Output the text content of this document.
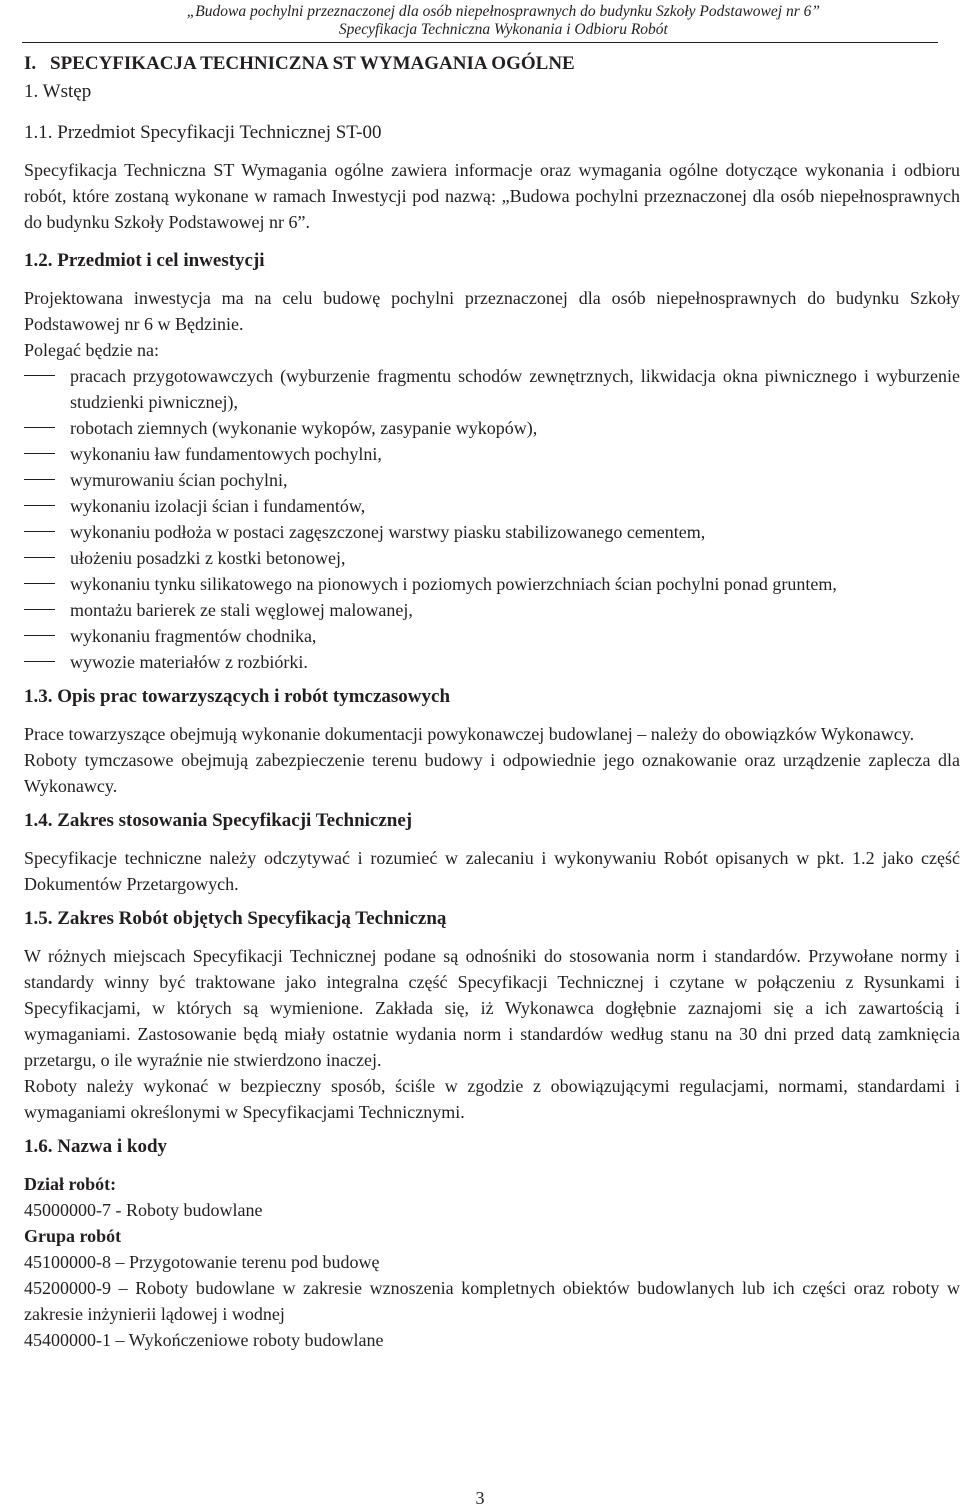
„Budowa pochylni przeznaczonej dla osób niepełnosprawnych do budynku Szkoły Podstawowej nr 6”
Specyfikacja Techniczna Wykonania i Odbioru Robót
I. SPECYFIKACJA TECHNICZNA ST WYMAGANIA OGÓLNE
1. Wstęp
1.1. Przedmiot Specyfikacji Technicznej ST-00

Specyfikacja Techniczna ST Wymagania ogólne zawiera informacje oraz wymagania ogólne dotyczące wykonania i odbioru robót, które zostaną wykonane w ramach Inwestycji pod nazwą: „Budowa pochylni przeznaczonej dla osób niepełnosprawnych do budynku Szkoły Podstawowej nr 6”.

1.2. Przedmiot i cel inwestycji

Projektowana inwestycja ma na celu budowę pochylni przeznaczonej dla osób niepełnosprawnych do budynku Szkoły Podstawowej nr 6 w Będzinie.

Polegać będzie na:

pracach przygotowawczych (wyburzenie fragmentu schodów zewnętrznych, likwidacja okna piwnicznego i wyburzenie studzienki piwnicznej),
robotach ziemnych (wykonanie wykopów, zasypanie wykopów),
wykonaniu ław fundamentowych pochylni,
wymurowaniu ścian pochylni,
wykonaniu izolacji ścian i fundamentów,
wykonaniu podłoża w postaci zagęszczonej warstwy piasku stabilizowanego cementem,
ułożeniu posadzki z kostki betonowej,
wykonaniu tynku silikatowego na pionowych i poziomych powierzchniach ścian pochylni ponad gruntem,
montażu barierek ze stali węglowej malowanej,
wykonaniu fragmentów chodnika,
wywozie materiałów z rozbiórki.
1.3. Opis prac towarzyszących i robót tymczasowych

Prace towarzyszące obejmują wykonanie dokumentacji powykonawczej budowlanej – należy do obowiązków Wykonawcy.

Roboty tymczasowe obejmują zabezpieczenie terenu budowy i odpowiednie jego oznakowanie oraz urządzenie zaplecza dla Wykonawcy.

1.4. Zakres stosowania Specyfikacji Technicznej

Specyfikacje techniczne należy odczytywać i rozumieć w zalecaniu i wykonywaniu Robót opisanych w pkt. 1.2 jako część Dokumentów Przetargowych.

1.5. Zakres Robót objętych Specyfikacją Techniczną

W różnych miejscach Specyfikacji Technicznej podane są odnośniki do stosowania norm i standardów. Przywołane normy i standardy winny być traktowane jako integralna część Specyfikacji Technicznej i czytane w połączeniu z Rysunkami i Specyfikacjami, w których są wymienione. Zakłada się, iż Wykonawca dogłębnie zaznajomi się a ich zawartością i wymaganiami. Zastosowanie będą miały ostatnie wydania norm i standardów według stanu na 30 dni przed datą zamknięcia przetargu, o ile wyraźnie nie stwierdzono inaczej.

Roboty należy wykonać w bezpieczny sposób, ściśle w zgodzie z obowiązującymi regulacjami, normami, standardami i wymaganiami określonymi w Specyfikacjami Technicznymi.

1.6. Nazwa i kody

Dział robót:

45000000-7 - Roboty budowlane

Grupa robót

45100000-8 – Przygotowanie terenu pod budowę

45200000-9 – Roboty budowlane w zakresie wznoszenia kompletnych obiektów budowlanych lub ich części oraz roboty w zakresie inżynierii lądowej i wodnej

45400000-1 – Wykończeniowe roboty budowlane

3
